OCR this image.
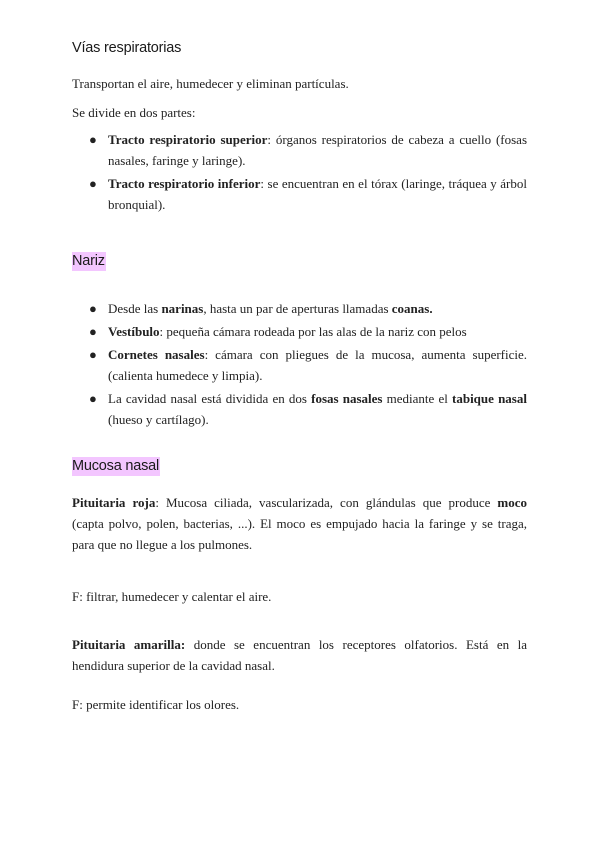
Vías respiratorias

Transportan el aire, humedecer y eliminan partículas.

Se divide en dos partes:

● Tracto respiratorio superior: órganos respiratorios de cabeza a cuello (fosas nasales, faringe y laringe).
● Tracto respiratorio inferior: se encuentran en el tórax (laringe, tráquea y árbol bronquial).
Nariz
● Desde las narinas, hasta un par de aperturas llamadas coanas.
● Vestíbulo: pequeña cámara rodeada por las alas de la nariz con pelos
● Cornetes nasales: cámara con pliegues de la mucosa, aumenta superficie. (calienta humedece y limpia).
● La cavidad nasal está dividida en dos fosas nasales mediante el tabique nasal (hueso y cartílago).
Mucosa nasal

Pituitaria roja: Mucosa ciliada, vascularizada, con glándulas que produce moco (capta polvo, polen, bacterias, ...). El moco es empujado hacia la faringe y se traga, para que no llegue a los pulmones.

F: filtrar, humedecer y calentar el aire.

Pituitaria amarilla: donde se encuentran los receptores olfatorios. Está en la hendidura superior de la cavidad nasal.

F: permite identificar los olores.
